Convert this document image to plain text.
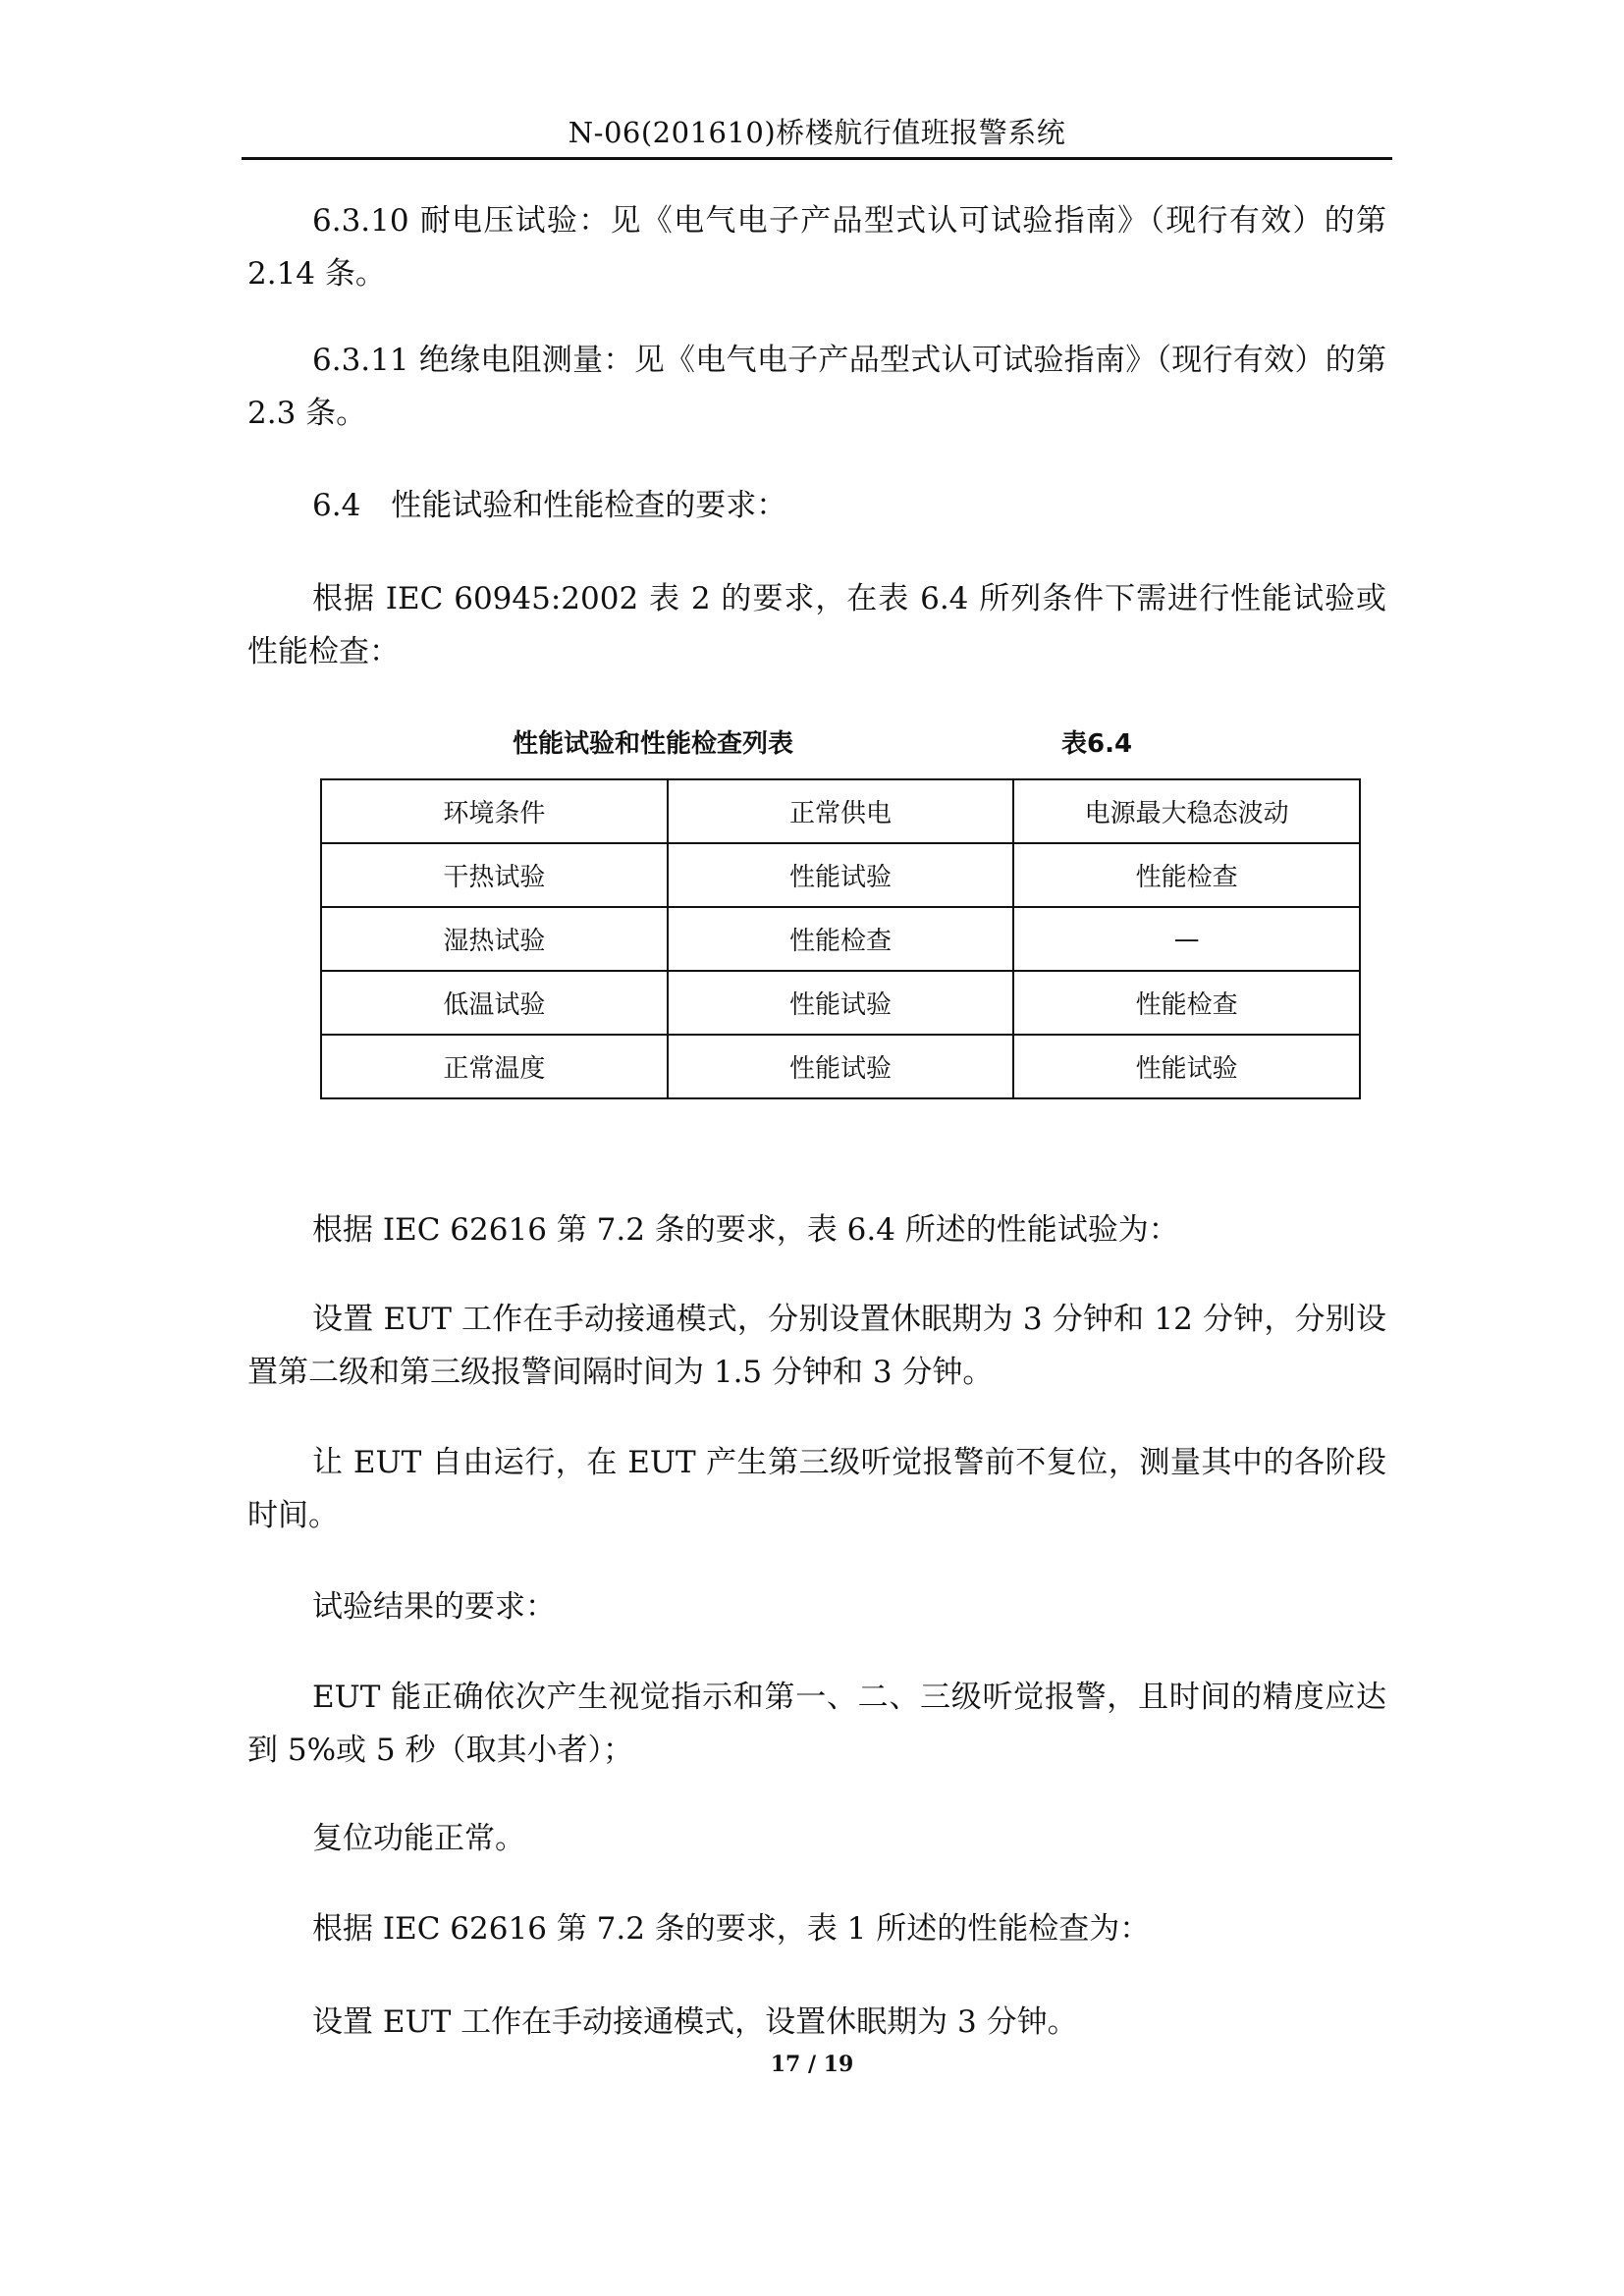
N-06(201610)桥楼航行值班报警系统

6.3.10 耐电压试验：见《电气电子产品型式认可试验指南》（现行有效）的第 2.14 条。

6.3.11 绝缘电阻测量：见《电气电子产品型式认可试验指南》（现行有效）的第 2.3 条。

6.4　性能试验和性能检查的要求：

根据 IEC 60945:2002 表 2 的要求，在表 6.4 所列条件下需进行性能试验或性能检查：

性能试验和性能检查列表	表6.4
环境条件	正常供电	电源最大稳态波动
干热试验	性能试验	性能检查
湿热试验	性能检查	—
低温试验	性能试验	性能检查
正常温度	性能试验	性能试验

根据 IEC 62616 第 7.2 条的要求，表 6.4 所述的性能试验为：

设置 EUT 工作在手动接通模式，分别设置休眠期为 3 分钟和 12 分钟，分别设置第二级和第三级报警间隔时间为 1.5 分钟和 3 分钟。

让 EUT 自由运行，在 EUT 产生第三级听觉报警前不复位，测量其中的各阶段时间。

试验结果的要求：

EUT 能正确依次产生视觉指示和第一、二、三级听觉报警，且时间的精度应达到 5%或 5 秒（取其小者）；

复位功能正常。

根据 IEC 62616 第 7.2 条的要求，表 1 所述的性能检查为：

设置 EUT 工作在手动接通模式，设置休眠期为 3 分钟。

17 / 19
